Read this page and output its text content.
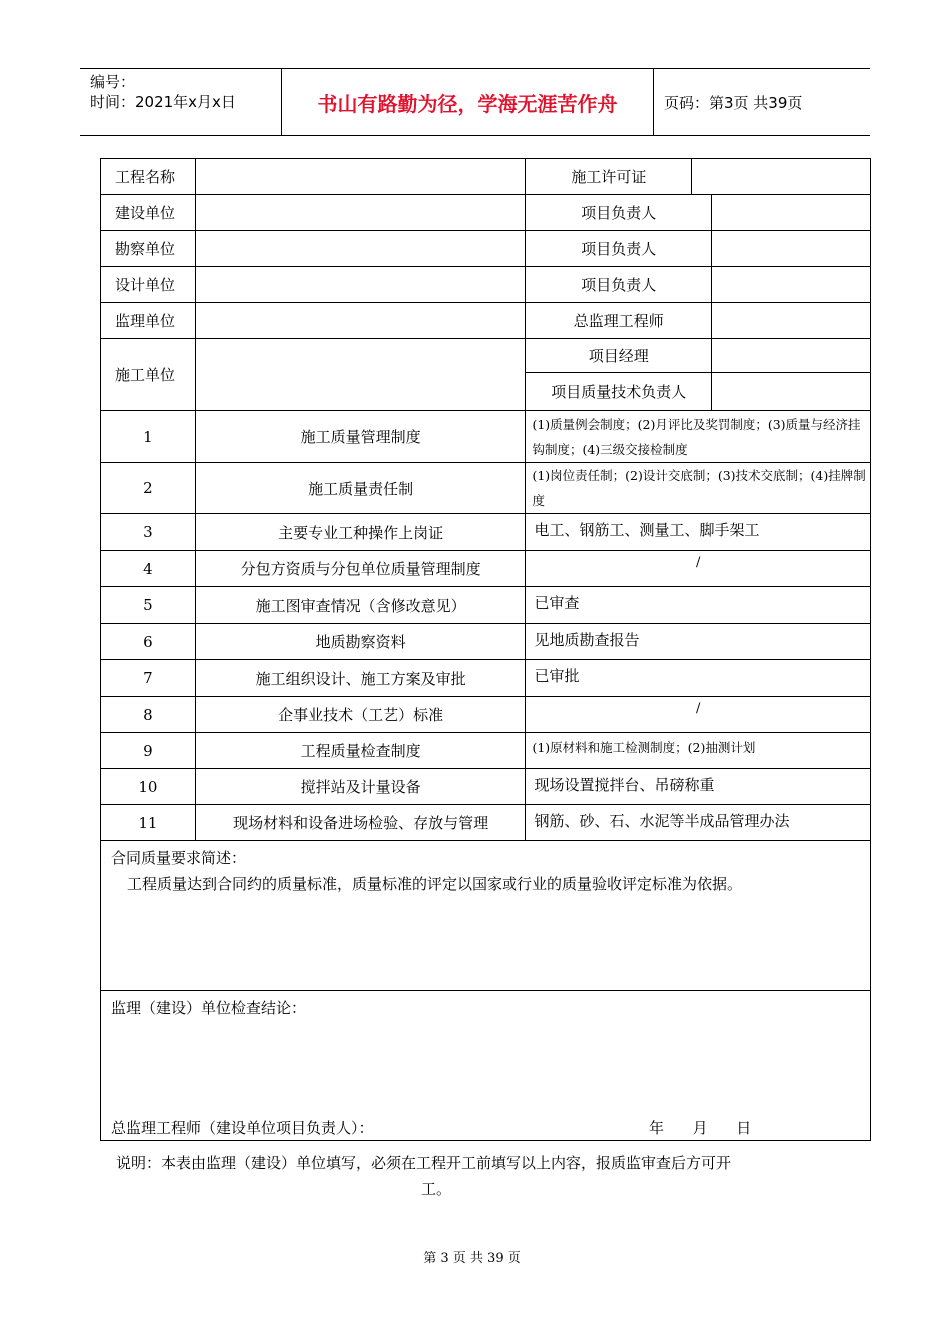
编号：
时间：2021年x月x日	书山有路勤为径，学海无涯苦作舟	页码：第3页 共39页
工程名称		施工许可证		
建设单位		项目负责人		
勘察单位		项目负责人		
设计单位		项目负责人		
监理单位		总监理工程师		
施工单位		项目经理		
		项目质量技术负责人		
1	施工质量管理制度	(1)质量例会制度；(2)月评比及奖罚制度；(3)质量与经济挂钩制度；(4)三级交接检制度		
2	施工质量责任制	(1)岗位责任制；(2)设计交底制；(3)技术交底制；(4)挂牌制度		
3	主要专业工种操作上岗证	电工、钢筋工、测量工、脚手架工		
4	分包方资质与分包单位质量管理制度	/		
5	施工图审查情况（含修改意见）	已审查		
6	地质勘察资料	见地质勘查报告		
7	施工组织设计、施工方案及审批	已审批		
8	企事业技术（工艺）标准	/		
9	工程质量检查制度	(1)原材料和施工检测制度；(2)抽测计划		
10	搅拌站及计量设备	现场设置搅拌台、吊磅称重		
11	现场材料和设备进场检验、存放与管理	钢筋、砂、石、水泥等半成品管理办法		

合同质量要求简述：

工程质量达到合同约的质量标准，质量标准的评定以国家或行业的质量验收评定标准为依据。				

监理（建设）单位检查结论：

总监理工程师（建设单位项目负责人）： 年      月      日				
说明：本表由监理（建设）单位填写，必须在工程开工前填写以上内容，报质监审查后方可开
工。
第 3 页 共 39 页
